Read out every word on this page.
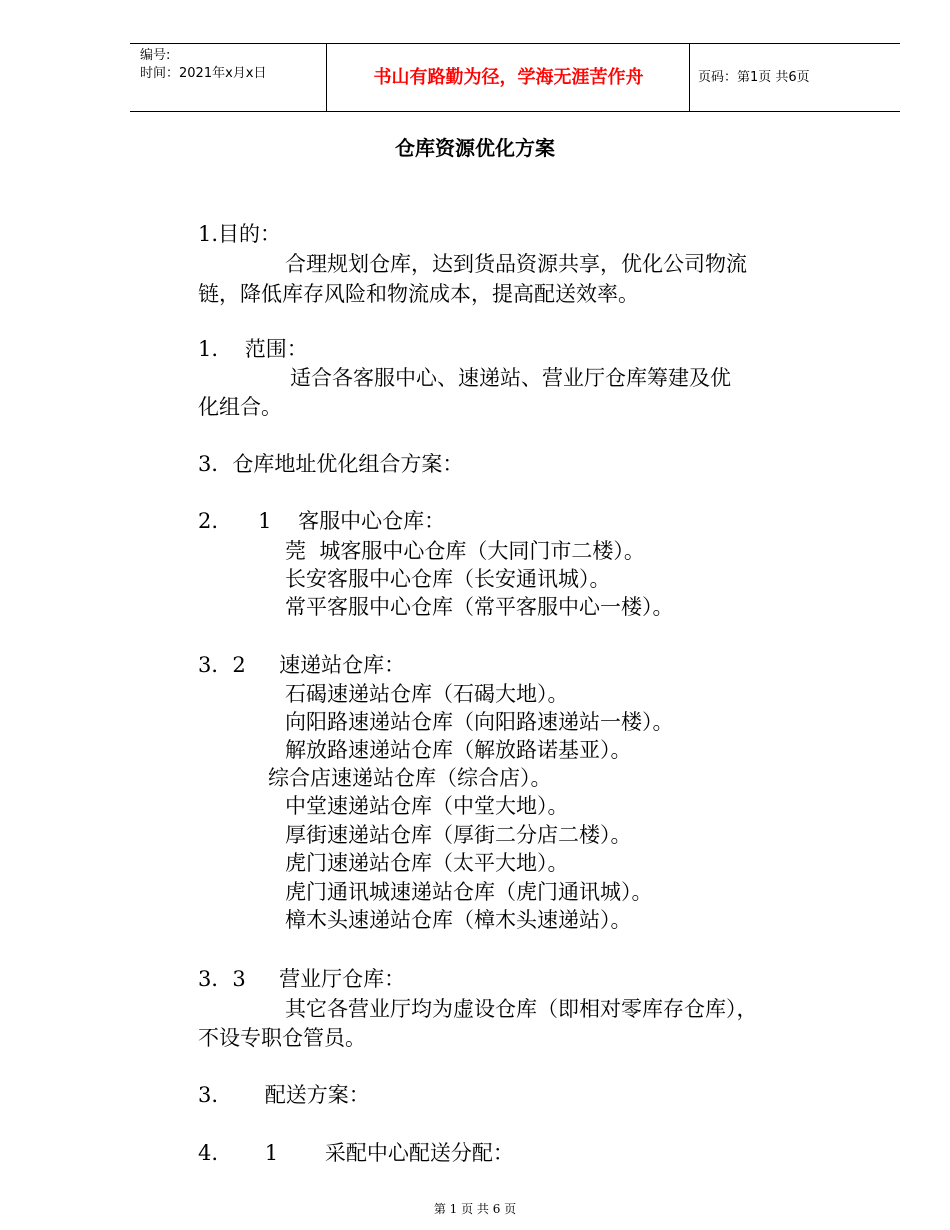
编号:
时间：2021年x月x日	书山有路勤为径，学海无涯苦作舟	页码：第1页 共6页
仓库资源优化方案
1.目的：
合理规划仓库，达到货品资源共享，优化公司物流
链，降低库存风险和物流成本，提高配送效率。
1.    范围：
适合各客服中心、速递站、营业厅仓库筹建及优
化组合。
3．仓库地址优化组合方案：
2.      1    客服中心仓库：
莞  城客服中心仓库（大同门市二楼）。
长安客服中心仓库（长安通讯城）。
常平客服中心仓库（常平客服中心一楼）。
3．2     速递站仓库：
石碣速递站仓库（石碣大地）。
向阳路速递站仓库（向阳路速递站一楼）。
解放路速递站仓库（解放路诺基亚）。
综合店速递站仓库（综合店）。
中堂速递站仓库（中堂大地）。
厚街速递站仓库（厚街二分店二楼）。
虎门速递站仓库（太平大地）。
虎门通讯城速递站仓库（虎门通讯城）。
樟木头速递站仓库（樟木头速递站）。
3．3     营业厅仓库：
其它各营业厅均为虚设仓库（即相对零库存仓库），
不设专职仓管员。
3.       配送方案：
4.       1       采配中心配送分配：
第 1 页 共 6 页
